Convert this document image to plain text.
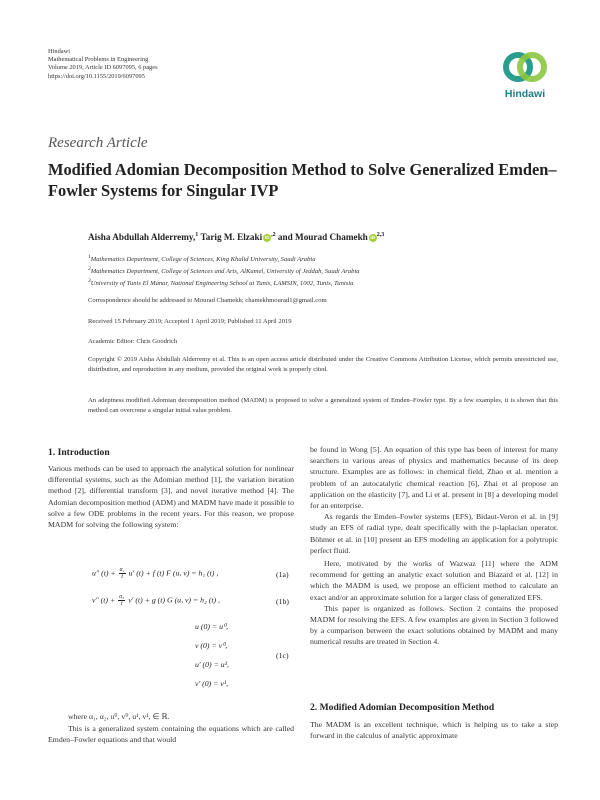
Hindawi
Mathematical Problems in Engineering
Volume 2019, Article ID 6097095, 6 pages
https://doi.org/10.1155/2019/6097095
Hindawi
Research Article
Modified Adomian Decomposition Method to Solve Generalized Emden–Fowler Systems for Singular IVP
Aisha Abdullah Alderremy,$^1$ Tarig M. Elzaki iD $^{,2}$ and Mourad Chamekh iD $^{2,3}$
$^1$Mathematics Department, College of Sciences, King Khalid University, Saudi Arabia
$^2$Mathematics Department, College of Sciences and Arts, AlKamel, University of Jeddah, Saudi Arabia
$^3$University of Tunis El Manar, National Engineering School at Tunis, LAMSIN, 1002, Tunis, Tunisia
Correspondence should be addressed to Mourad Chamekh; chamekhmourad1@gmail.com
Received 15 February 2019; Accepted 1 April 2019; Published 11 April 2019
Academic Editor: Chris Goodrich
Copyright © 2019 Aisha Abdullah Alderremy et al. This is an open access article distributed under the Creative Commons Attribution License, which permits unrestricted use, distribution, and reproduction in any medium, provided the original work is properly cited.
An adeptness modified Adomian decomposition method (MADM) is proposed to solve a generalized system of Emden–Fowler type. By a few examples, it is shown that this method can overcome a singular initial value problem.
1. Introduction

Various methods can be used to approach the analytical solution for nonlinear differential systems, such as the Adomian method [1], the variation iteration method [2], differential transform [3], and novel iterative method [4]. The Adomian decomposition method (ADM) and MADM have made it possible to solve a few ODE problems in the recent years. For this reason, we propose MADM for solving the following system:

u″ $(t) + \frac{\text{α₁}}{t} u'$ (t) + f (t) F (u, v) = h₁ (t) ,	(1a)
v″ $(t) + \frac{\text{α₂}}{t} v'$ (t) + g (t) G (u, v) = h₂ (t) ,	(1b)
u (0) = u⁰,
v (0) = v⁰,
u′ (0) = u¹,
v′ (0) = v¹,
(1c)
where α₁, α₂, u⁰, v⁰, u¹, v¹, ∈ ℝ.
This is a generalized system containing the equations which are called Emden–Fowler equations and that would

be found in Wong [5]. An equation of this type has been of interest for many searchers in various areas of physics and mathematics because of its deep structure. Examples are as follows: in chemical field, Zhao et al. mention a problem of an autocatalytic chemical reaction [6], Zhai et al propose an application on the elasticity [7], and Li et al. present in [8] a developing model for an enterprise.

As regards the Emden–Fowler systems (EFS), Bidaut-Veron et al. in [9] study an EFS of radial type, dealt specifically with the p-laplacian operator. Böhmer et al. in [10] present an EFS modeling an application for a polytropic perfect fluid.

Here, motivated by the works of Wazwaz [11] where the ADM recommend for getting an analytic exact solution and Biazard et al. [12] in which the MADM is used, we propose an efficient method to calculate an exact and/or an approximate solution for a larger class of generalized EFS.

This paper is organized as follows. Section 2 contains the proposed MADM for resolving the EFS. A few examples are given in Section 3 followed by a comparison between the exact solutions obtained by MADM and many numerical results are treated in Section 4.

2. Modified Adomian Decomposition Method
The MADM is an excellent technique, which is helping us to take a step forward in the calculus of analytic approximate
